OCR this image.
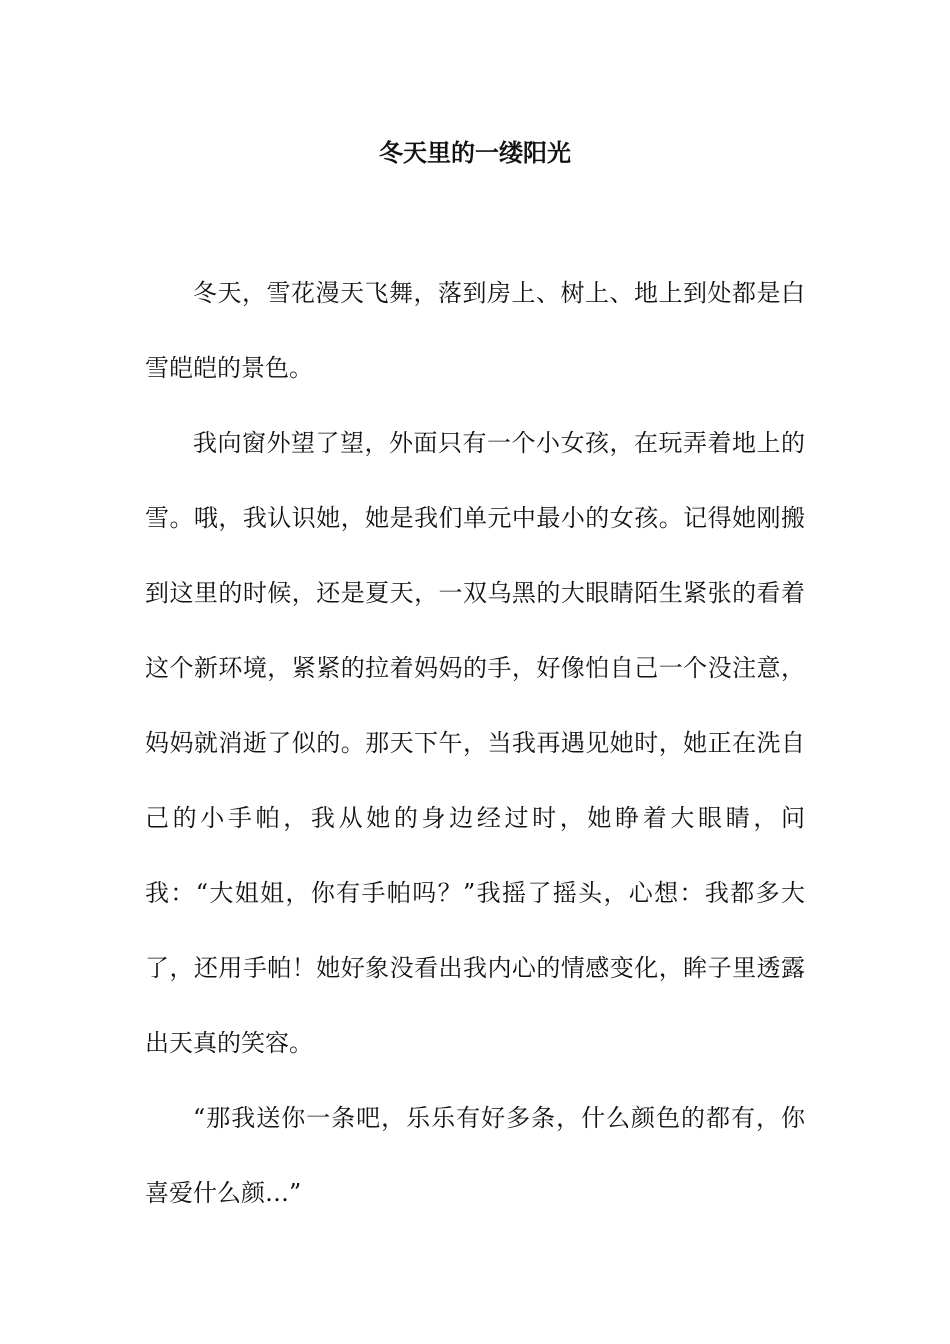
冬天里的一缕阳光

冬天，雪花漫天飞舞，落到房上、树上、地上到处都是白雪皑皑的景色。

我向窗外望了望，外面只有一个小女孩，在玩弄着地上的雪。哦，我认识她，她是我们单元中最小的女孩。记得她刚搬到这里的时候，还是夏天，一双乌黑的大眼睛陌生紧张的看着这个新环境，紧紧的拉着妈妈的手，好像怕自己一个没注意，妈妈就消逝了似的。那天下午，当我再遇见她时，她正在洗自己的小手帕，我从她的身边经过时，她睁着大眼睛，问我：“大姐姐，你有手帕吗？”我摇了摇头，心想：我都多大了，还用手帕！她好象没看出我内心的情感变化，眸子里透露出天真的笑容。

“那我送你一条吧，乐乐有好多条，什么颜色的都有，你喜爱什么颜…”
